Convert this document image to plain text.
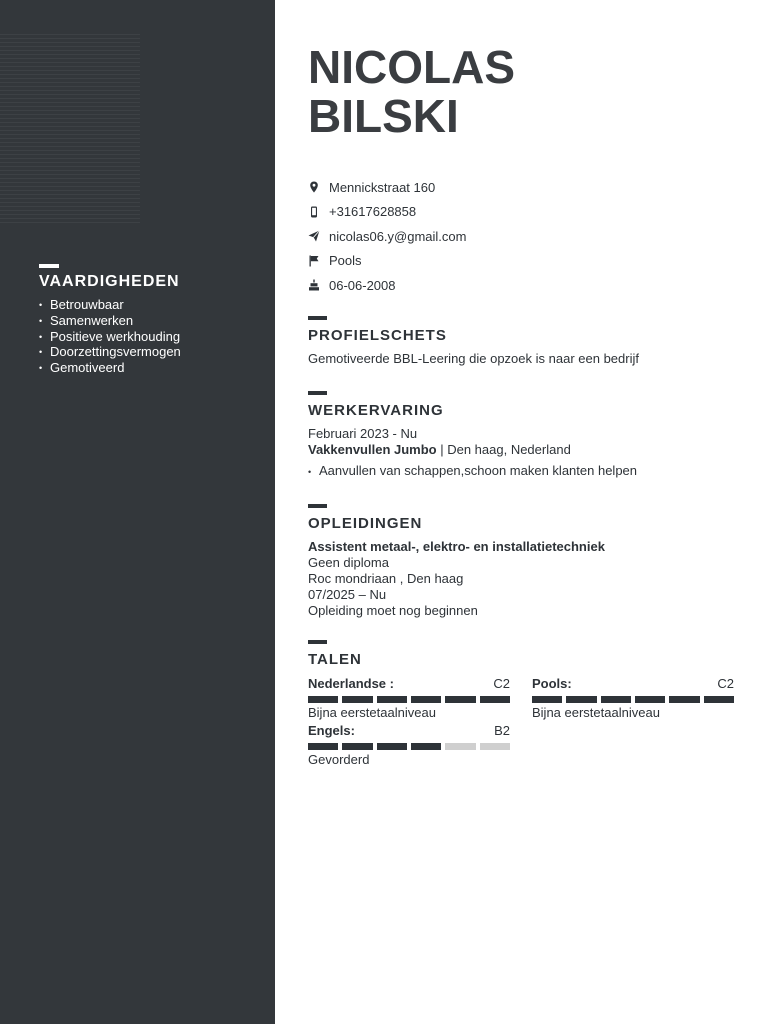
VAARDIGHEDEN
• Betrouwbaar
• Samenwerken
• Positieve werkhouding
• Doorzettingsvermogen
• Gemotiveerd
NICOLAS
BILSKI
Mennickstraat 160
+31617628858
nicolas06.y@gmail.com
Pools
06-06-2008
PROFIELSCHETS
Gemotiveerde BBL-Leering die opzoek is naar een bedrijf
WERKERVARING
Februari 2023 - Nu
Vakkenvullen Jumbo | Den haag, Nederland
• Aanvullen van schappen,schoon maken klanten helpen
OPLEIDINGEN
Assistent metaal-, elektro- en installatietechniek
Geen diploma
Roc mondriaan , Den haag
07/2025 – Nu
Opleiding moet nog beginnen
TALEN
Nederlandse :	C2
Bijna eerstetaalniveau
Pools:	C2
Bijna eerstetaalniveau
Engels:	B2
Gevorderd
